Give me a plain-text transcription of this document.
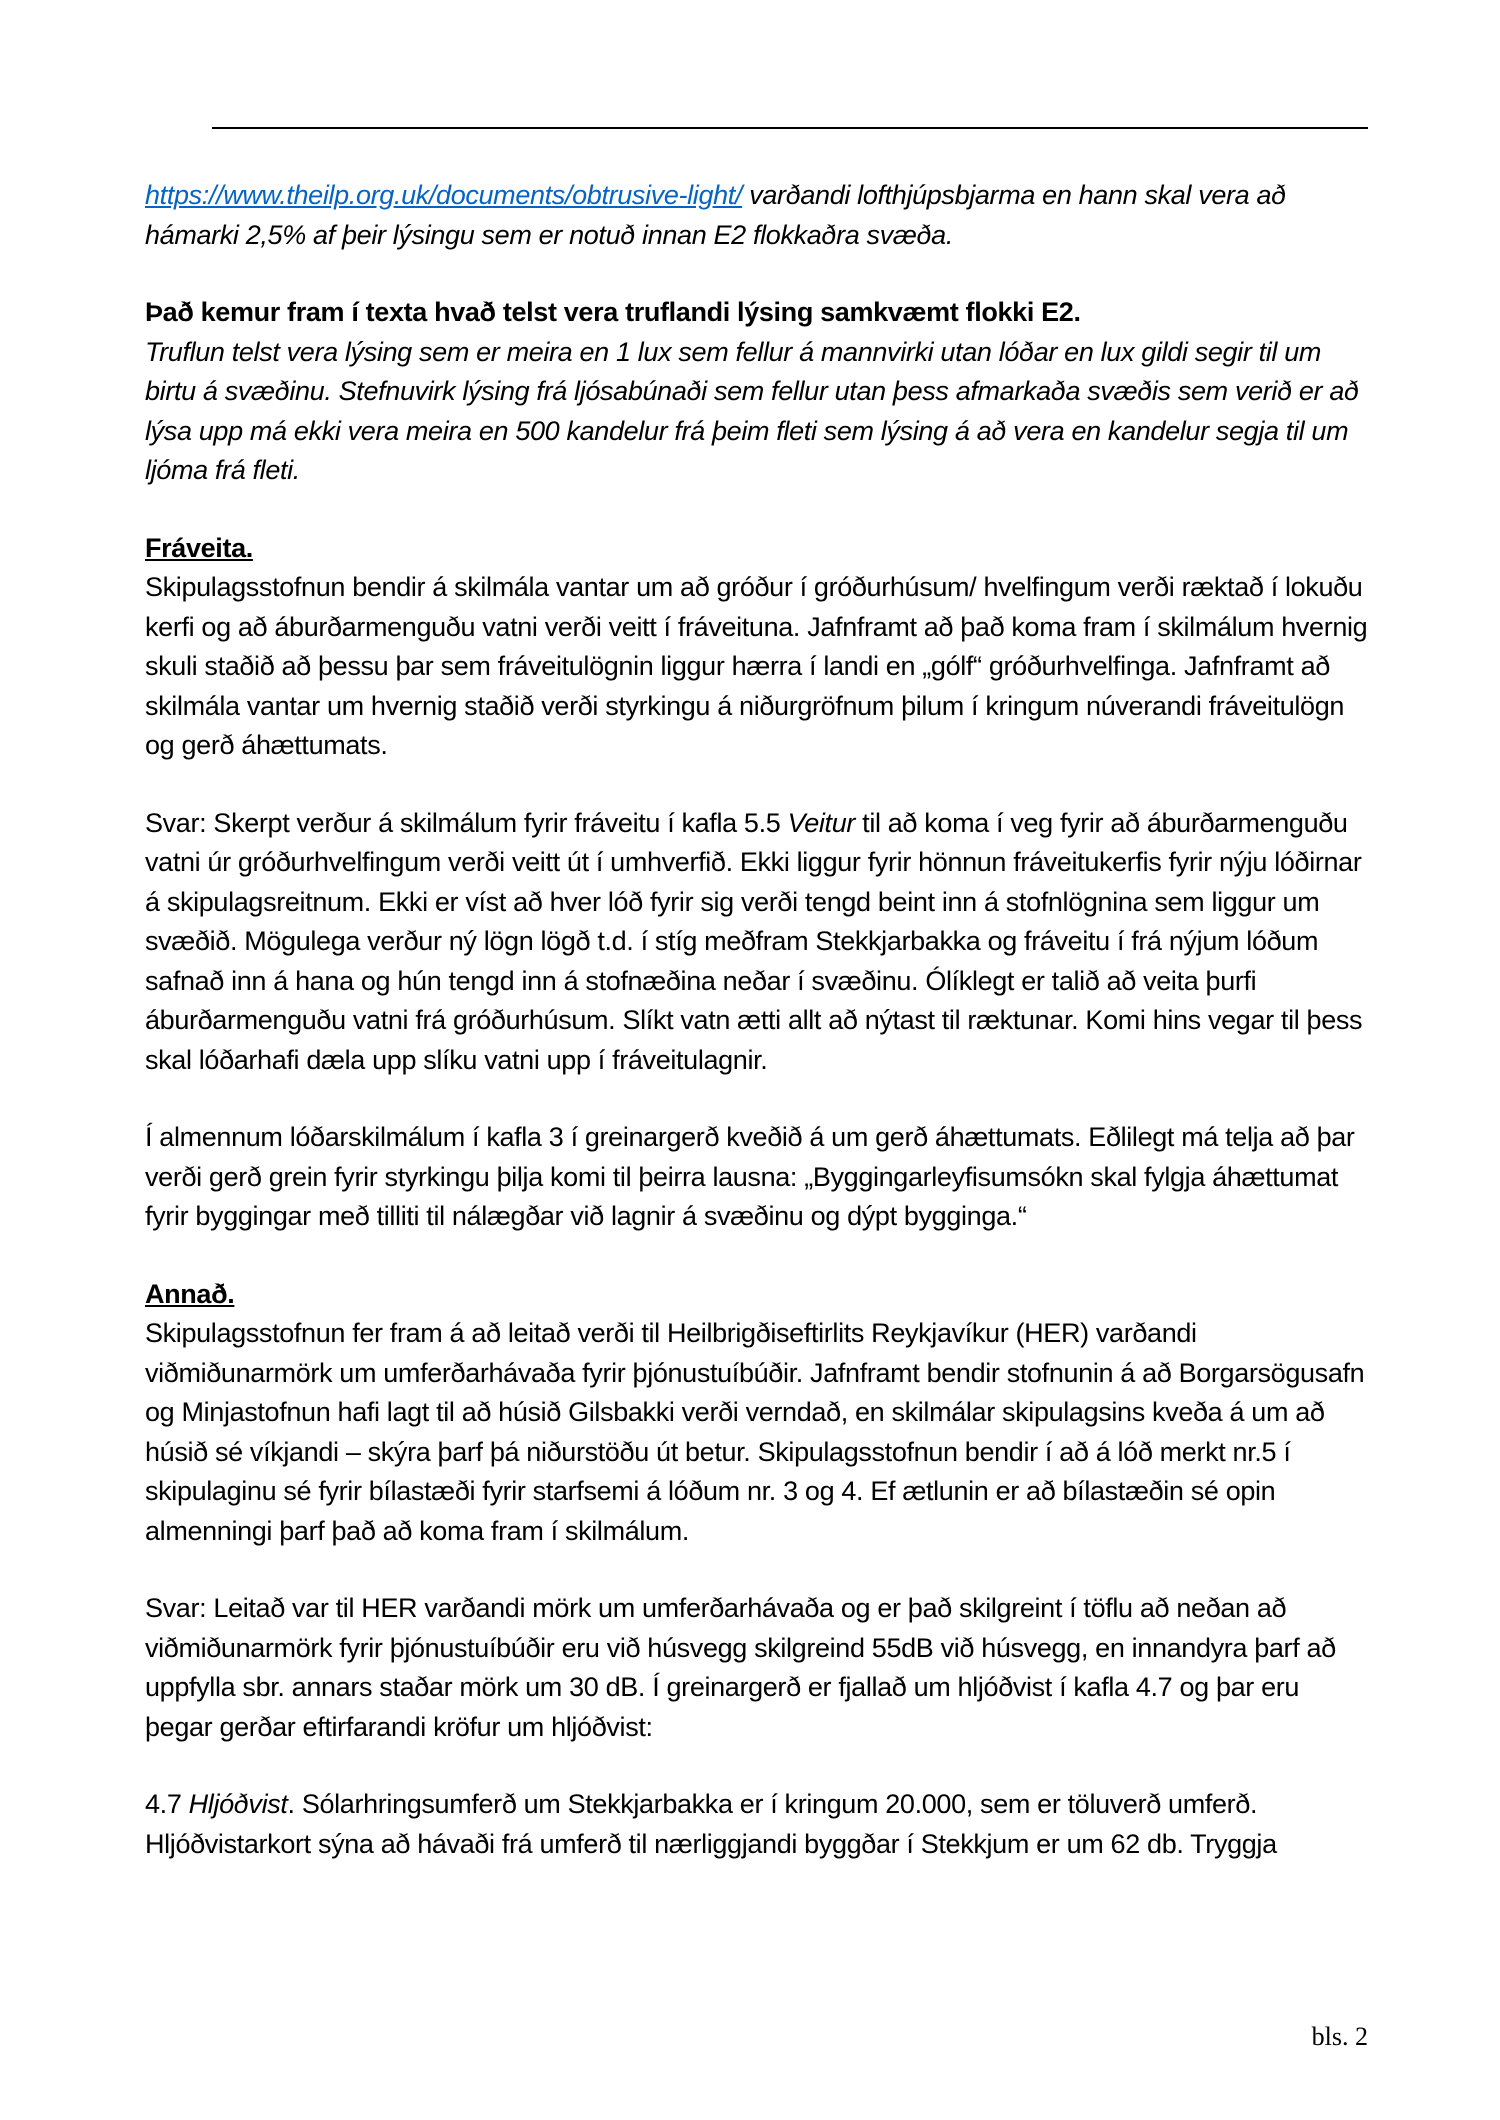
https://www.theilp.org.uk/documents/obtrusive-light/ varðandi lofthjúpsbjarma en hann skal vera að hámarki 2,5% af þeir lýsingu sem er notuð innan E2 flokkaðra svæða.

Það kemur fram í texta hvað telst vera truflandi lýsing samkvæmt flokki E2.

Truflun telst vera lýsing sem er meira en 1 lux sem fellur á mannvirki utan lóðar en lux gildi segir til um birtu á svæðinu. Stefnuvirk lýsing frá ljósabúnaði sem fellur utan þess afmarkaða svæðis sem verið er að lýsa upp má ekki vera meira en 500 kandelur frá þeim fleti sem lýsing á að vera en kandelur segja til um ljóma frá fleti.

Fráveita.

Skipulagsstofnun bendir á skilmála vantar um að gróður í gróðurhúsum/ hvelfingum verði ræktað í lokuðu kerfi og að áburðarmenguðu vatni verði veitt í fráveituna. Jafnframt að það koma fram í skilmálum hvernig skuli staðið að þessu þar sem fráveitulögnin liggur hærra í landi en „gólf“ gróðurhvelfinga. Jafnframt að skilmála vantar um hvernig staðið verði styrkingu á niðurgröfnum þilum í kringum núverandi fráveitulögn og gerð áhættumats.

Svar: Skerpt verður á skilmálum fyrir fráveitu í kafla 5.5 Veitur til að koma í veg fyrir að áburðarmenguðu vatni úr gróðurhvelfingum verði veitt út í umhverfið. Ekki liggur fyrir hönnun fráveitukerfis fyrir nýju lóðirnar á skipulagsreitnum. Ekki er víst að hver lóð fyrir sig verði tengd beint inn á stofnlögnina sem liggur um svæðið. Mögulega verður ný lögn lögð t.d. í stíg meðfram Stekkjarbakka og fráveitu í frá nýjum lóðum safnað inn á hana og hún tengd inn á stofnæðina neðar í svæðinu. Ólíklegt er talið að veita þurfi áburðarmenguðu vatni frá gróðurhúsum. Slíkt vatn ætti allt að nýtast til ræktunar. Komi hins vegar til þess skal lóðarhafi dæla upp slíku vatni upp í fráveitulagnir.

Í almennum lóðarskilmálum í kafla 3 í greinargerð kveðið á um gerð áhættumats. Eðlilegt má telja að þar verði gerð grein fyrir styrkingu þilja komi til þeirra lausna: „Byggingarleyfisumsókn skal fylgja áhættumat fyrir byggingar með tilliti til nálægðar við lagnir á svæðinu og dýpt bygginga.“

Annað.

Skipulagsstofnun fer fram á að leitað verði til Heilbrigðiseftirlits Reykjavíkur (HER) varðandi viðmiðunarmörk um umferðarhávaða fyrir þjónustuíbúðir. Jafnframt bendir stofnunin á að Borgarsögusafn og Minjastofnun hafi lagt til að húsið Gilsbakki verði verndað, en skilmálar skipulagsins kveða á um að húsið sé víkjandi – skýra þarf þá niðurstöðu út betur. Skipulagsstofnun bendir í að á lóð merkt nr.5 í skipulaginu sé fyrir bílastæði fyrir starfsemi á lóðum nr. 3 og 4. Ef ætlunin er að bílastæðin sé opin almenningi þarf það að koma fram í skilmálum.

Svar: Leitað var til HER varðandi mörk um umferðarhávaða og er það skilgreint í töflu að neðan að viðmiðunarmörk fyrir þjónustuíbúðir eru við húsvegg skilgreind 55dB við húsvegg, en innandyra þarf að uppfylla sbr. annars staðar mörk um 30 dB. Í greinargerð er fjallað um hljóðvist í kafla 4.7 og þar eru þegar gerðar eftirfarandi kröfur um hljóðvist:

4.7 Hljóðvist. Sólarhringsumferð um Stekkjarbakka er í kringum 20.000, sem er töluverð umferð. Hljóðvistarkort sýna að hávaði frá umferð til nærliggjandi byggðar í Stekkjum er um 62 db. Tryggja

bls. 2
